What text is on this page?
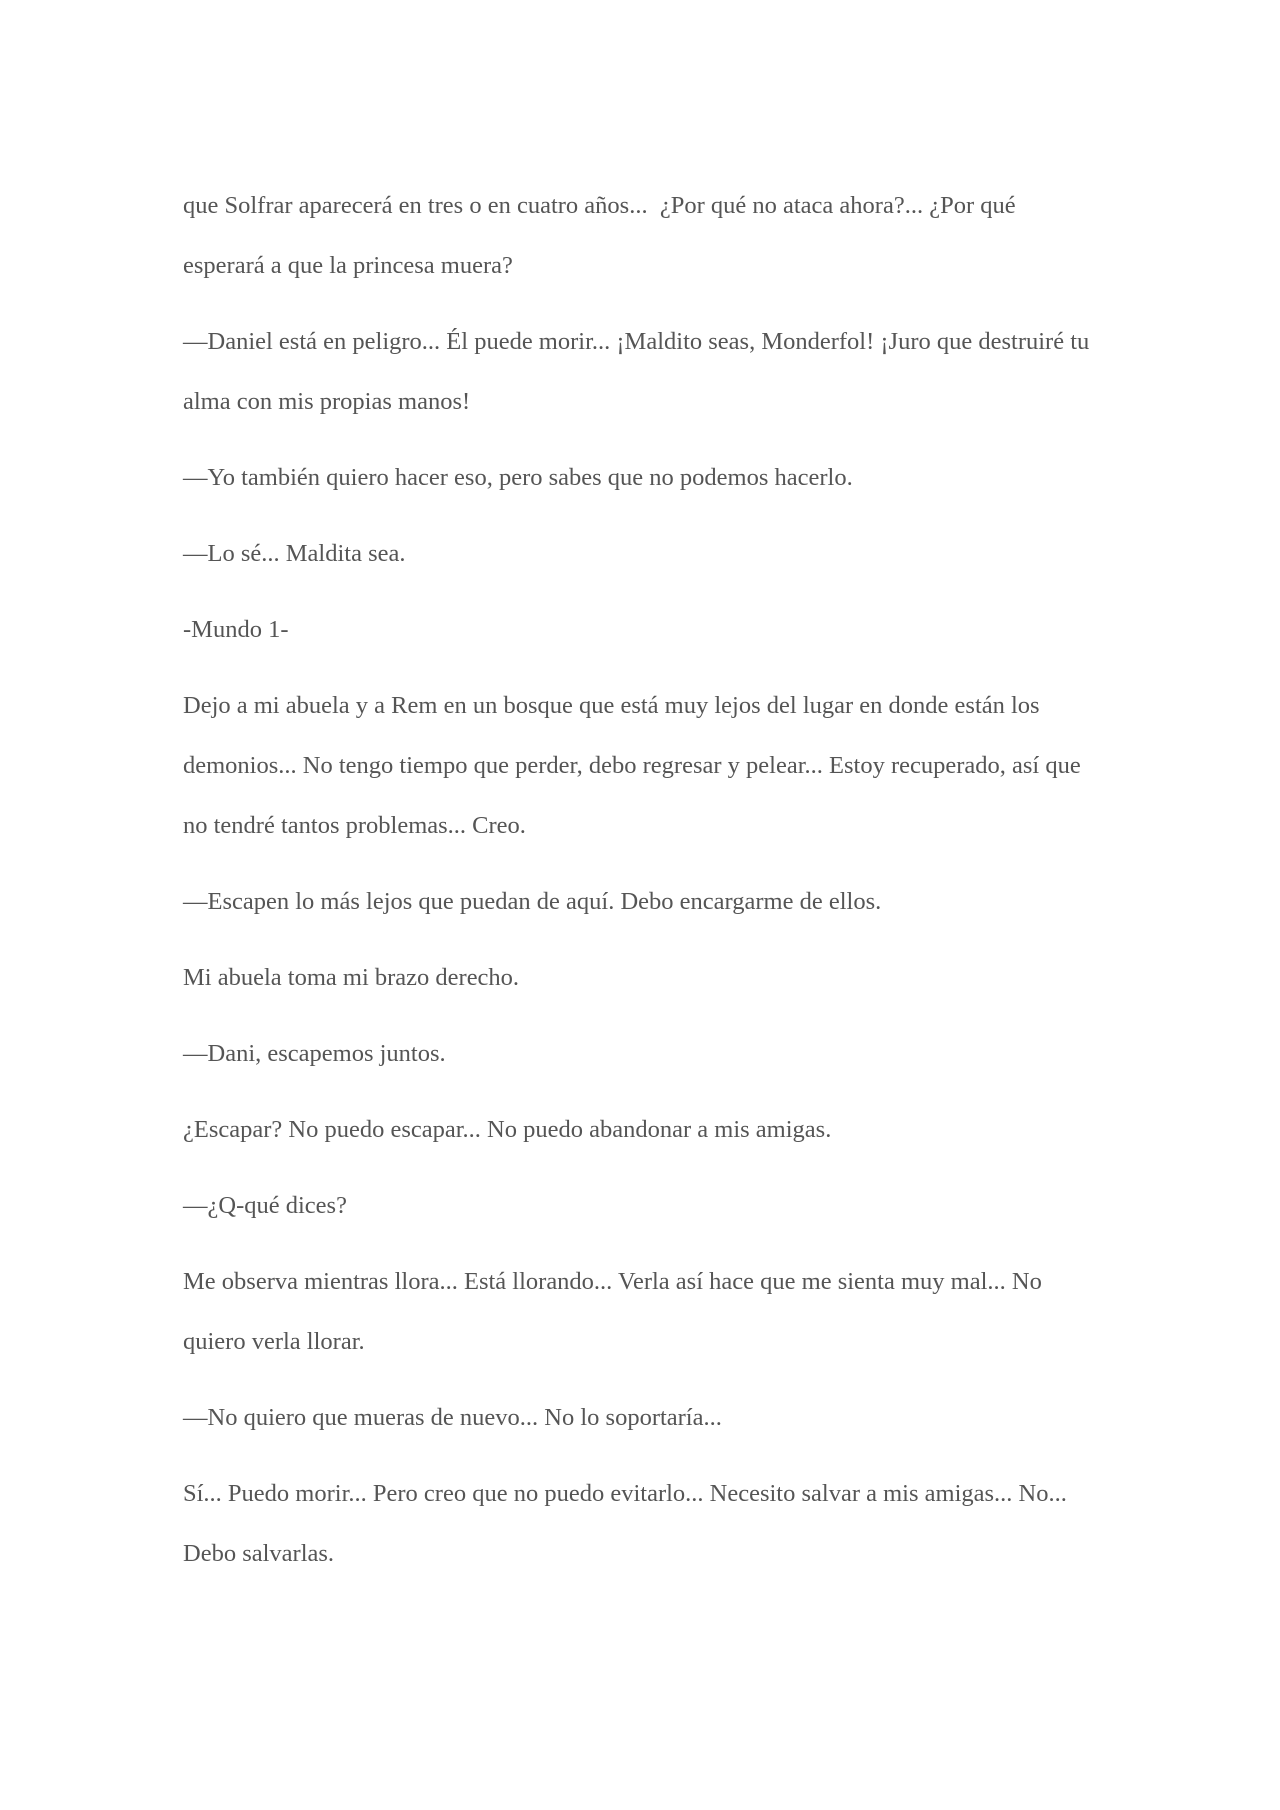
que Solfrar aparecerá en tres o en cuatro años...  ¿Por qué no ataca ahora?... ¿Por qué esperará a que la princesa muera?

—Daniel está en peligro... Él puede morir... ¡Maldito seas, Monderfol! ¡Juro que destruiré tu alma con mis propias manos!

—Yo también quiero hacer eso, pero sabes que no podemos hacerlo.

—Lo sé... Maldita sea.

-Mundo 1-

Dejo a mi abuela y a Rem en un bosque que está muy lejos del lugar en donde están los demonios... No tengo tiempo que perder, debo regresar y pelear... Estoy recuperado, así que no tendré tantos problemas... Creo.

—Escapen lo más lejos que puedan de aquí. Debo encargarme de ellos.

Mi abuela toma mi brazo derecho.

—Dani, escapemos juntos.

¿Escapar? No puedo escapar... No puedo abandonar a mis amigas.

—¿Q-qué dices?

Me observa mientras llora... Está llorando... Verla así hace que me sienta muy mal... No quiero verla llorar.

—No quiero que mueras de nuevo... No lo soportaría...

Sí... Puedo morir... Pero creo que no puedo evitarlo... Necesito salvar a mis amigas... No... Debo salvarlas.
